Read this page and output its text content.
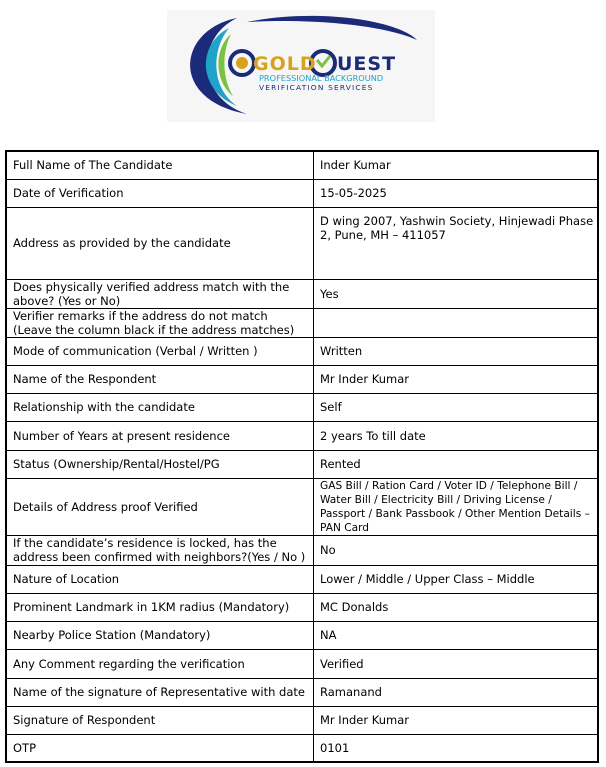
GOLD UEST
PROFESSIONAL BACKGROUND
VERIFICATION SERVICES
Full Name of The Candidate	Inder Kumar
Date of Verification	15-05-2025
Address as provided by the candidate	D wing 2007, Yashwin Society, Hinjewadi Phase 2, Pune, MH – 411057
Does physically verified address match with the above? (Yes or No)	Yes
Verifier remarks if the address do not match (Leave the column black if the address matches)	
Mode of communication (Verbal / Written )	Written
Name of the Respondent	Mr Inder Kumar
Relationship with the candidate	Self
Number of Years at present residence	2 years To till date
Status (Ownership/Rental/Hostel/PG	Rented
Details of Address proof Verified	GAS Bill / Ration Card / Voter ID / Telephone Bill / Water Bill / Electricity Bill / Driving License / Passport / Bank Passbook / Other Mention Details – PAN Card
If the candidate’s residence is locked, has the address been confirmed with neighbors?(Yes / No )	No
Nature of Location	Lower / Middle / Upper Class – Middle
Prominent Landmark in 1KM radius (Mandatory)	MC Donalds
Nearby Police Station (Mandatory)	NA
Any Comment regarding the verification	Verified
Name of the signature of Representative with date	Ramanand
Signature of Respondent	Mr Inder Kumar
OTP	0101
